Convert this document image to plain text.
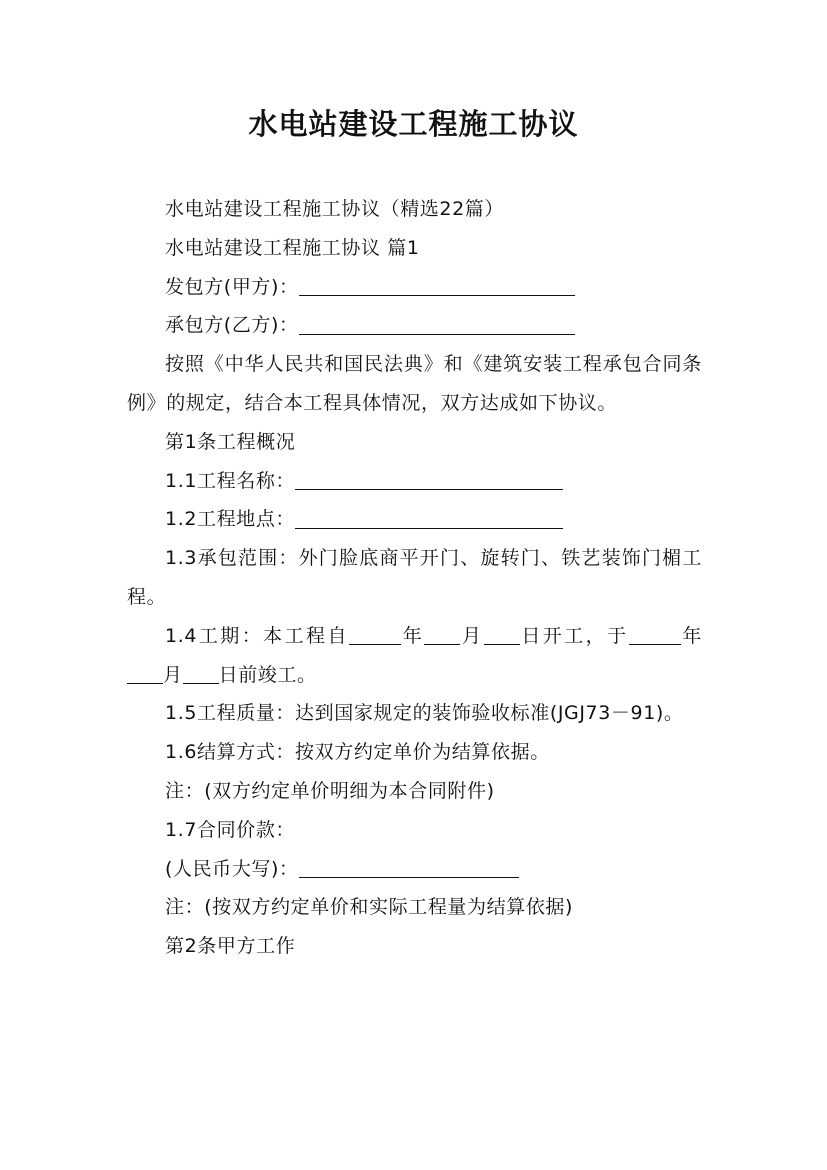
水电站建设工程施工协议

水电站建设工程施工协议（精选22篇）

水电站建设工程施工协议 篇1

发包方(甲方)：

承包方(乙方)：

按照《中华人民共和国民法典》和《建筑安装工程承包合同条例》的规定，结合本工程具体情况，双方达成如下协议。

第1条工程概况

1.1工程名称：

1.2工程地点：

1.3承包范围：外门脸底商平开门、旋转门、铁艺装饰门楣工程。

1.4工期：本工程自	年 月 日开工，于	年月 日前竣工。

1.5工程质量：达到国家规定的装饰验收标准(JGJ73－91)。

1.6结算方式：按双方约定单价为结算依据。

注：(双方约定单价明细为本合同附件)

1.7合同价款：

(人民币大写)：

注：(按双方约定单价和实际工程量为结算依据)

第2条甲方工作
